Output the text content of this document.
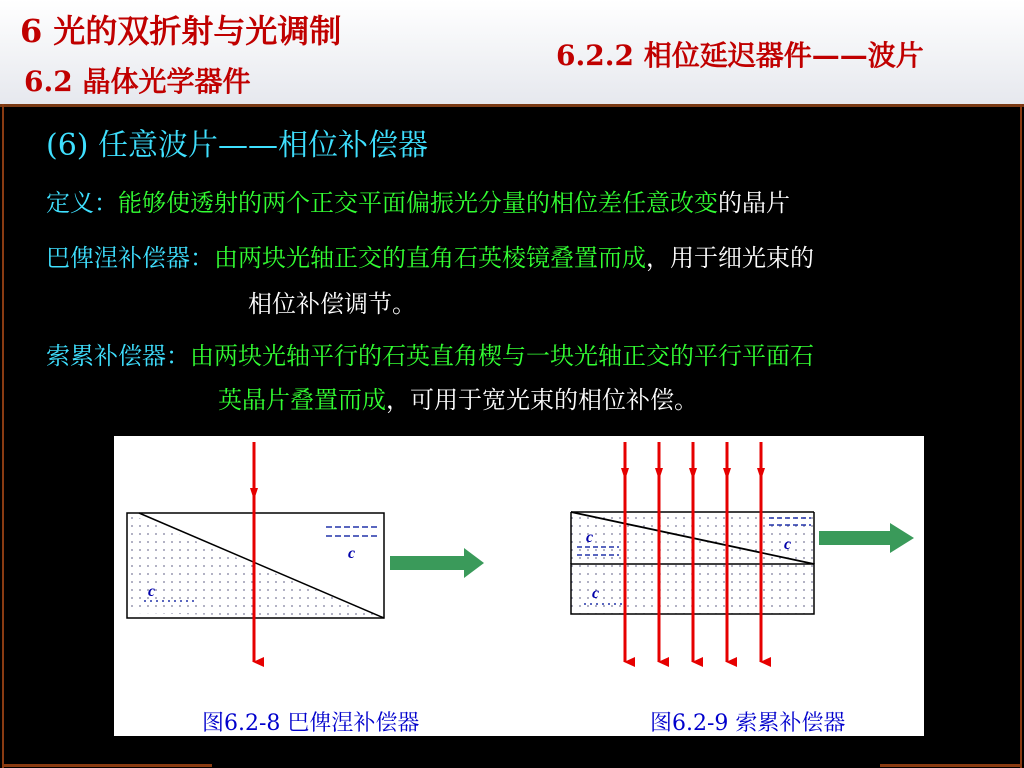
6 光的双折射与光调制
6.2 晶体光学器件
6.2.2 相位延迟器件——波片
(6) 任意波片——相位补偿器
定义：能够使透射的两个正交平面偏振光分量的相位差任意改变的晶片
巴俾涅补偿器：由两块光轴正交的直角石英棱镜叠置而成，用于细光束的
相位补偿调节。
索累补偿器：由两块光轴平行的石英直角楔与一块光轴正交的平行平面石
英晶片叠置而成，可用于宽光束的相位补偿。
c
c
c	c
c
图6.2-8 巴俾涅补偿器	图6.2-9 索累补偿器
